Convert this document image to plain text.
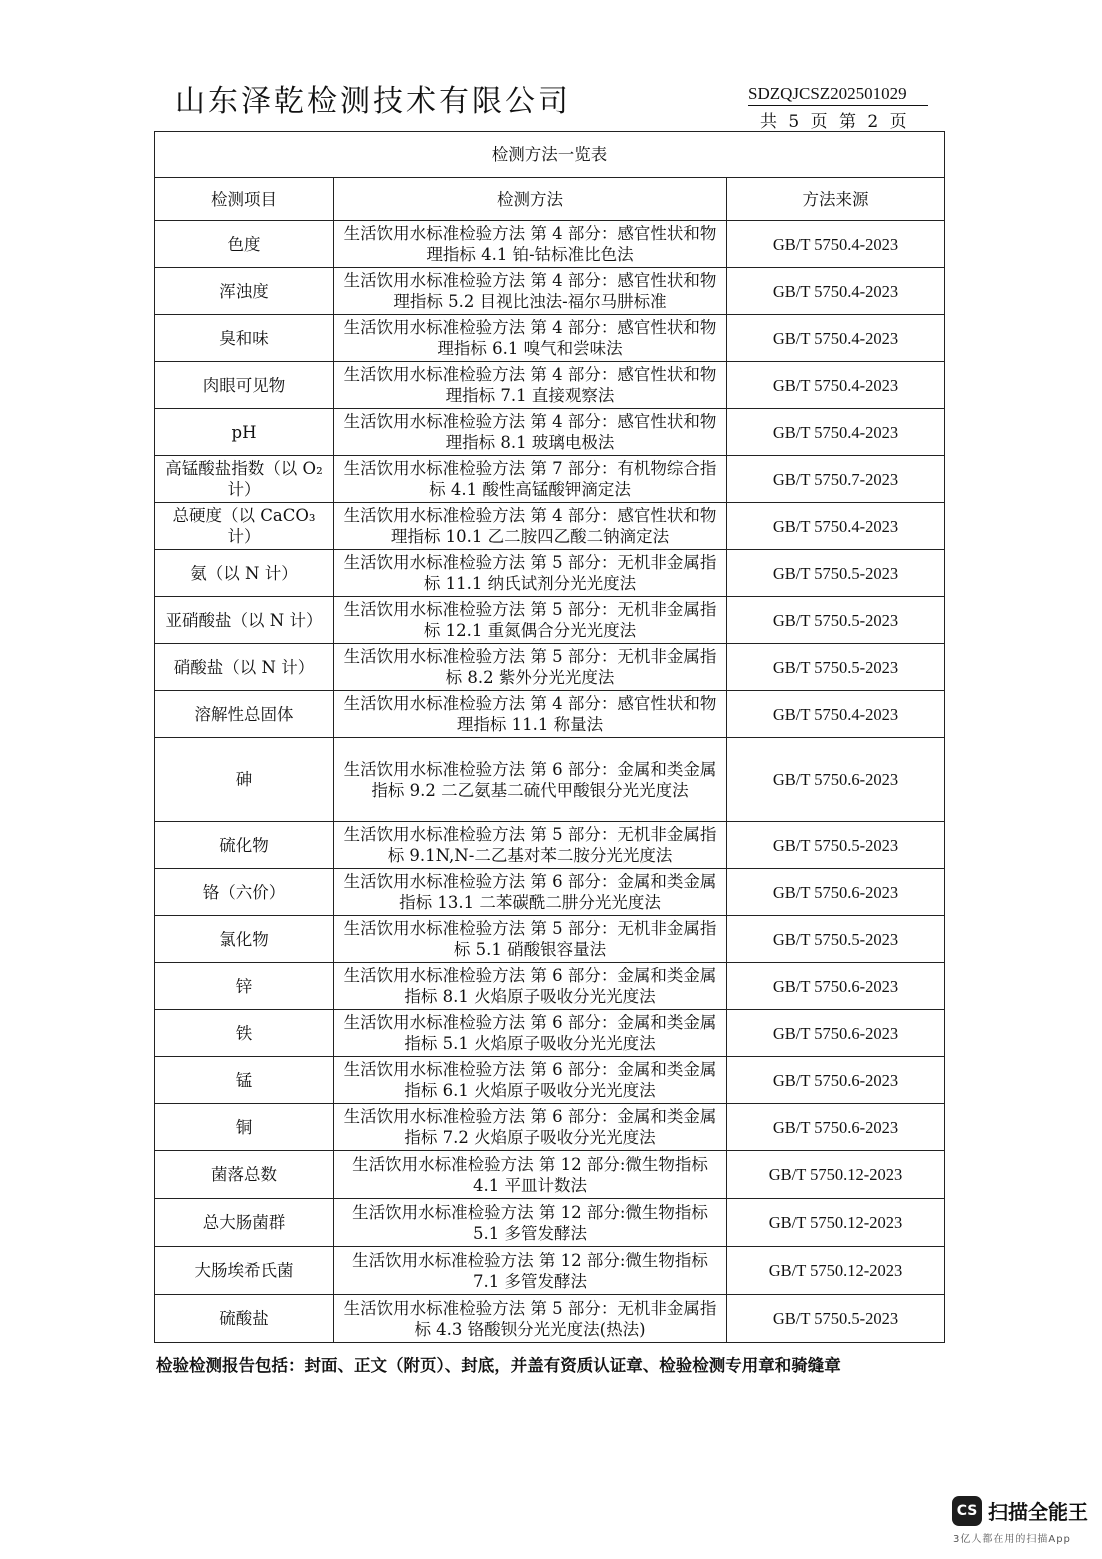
山东泽乾检测技术有限公司	SDZQJCSZ202501029
共 5 页 第 2 页
检测方法一览表		
检测项目	检测方法	方法来源
色度	生活饮用水标准检验方法 第 4 部分：感官性状和物理指标 4.1 铂-钴标准比色法	GB/T 5750.4-2023
浑浊度	生活饮用水标准检验方法 第 4 部分：感官性状和物理指标 5.2 目视比浊法-福尔马肼标准	GB/T 5750.4-2023
臭和味	生活饮用水标准检验方法 第 4 部分：感官性状和物理指标 6.1 嗅气和尝味法	GB/T 5750.4-2023
肉眼可见物	生活饮用水标准检验方法 第 4 部分：感官性状和物理指标 7.1 直接观察法	GB/T 5750.4-2023
pH	生活饮用水标准检验方法 第 4 部分：感官性状和物理指标 8.1 玻璃电极法	GB/T 5750.4-2023
高锰酸盐指数（以 O₂ 计）	生活饮用水标准检验方法 第 7 部分：有机物综合指标 4.1 酸性高锰酸钾滴定法	GB/T 5750.7-2023
总硬度（以 CaCO₃ 计）	生活饮用水标准检验方法 第 4 部分：感官性状和物理指标 10.1 乙二胺四乙酸二钠滴定法	GB/T 5750.4-2023
氨（以 N 计）	生活饮用水标准检验方法 第 5 部分：无机非金属指标 11.1 纳氏试剂分光光度法	GB/T 5750.5-2023
亚硝酸盐（以 N 计）	生活饮用水标准检验方法 第 5 部分：无机非金属指标 12.1 重氮偶合分光光度法	GB/T 5750.5-2023
硝酸盐（以 N 计）	生活饮用水标准检验方法 第 5 部分：无机非金属指标 8.2 紫外分光光度法	GB/T 5750.5-2023
溶解性总固体	生活饮用水标准检验方法 第 4 部分：感官性状和物理指标 11.1 称量法	GB/T 5750.4-2023
砷	生活饮用水标准检验方法 第 6 部分：金属和类金属指标 9.2 二乙氨基二硫代甲酸银分光光度法	GB/T 5750.6-2023
硫化物	生活饮用水标准检验方法 第 5 部分：无机非金属指标 9.1N,N-二乙基对苯二胺分光光度法	GB/T 5750.5-2023
铬（六价）	生活饮用水标准检验方法 第 6 部分：金属和类金属指标 13.1 二苯碳酰二肼分光光度法	GB/T 5750.6-2023
氯化物	生活饮用水标准检验方法 第 5 部分：无机非金属指标 5.1 硝酸银容量法	GB/T 5750.5-2023
锌	生活饮用水标准检验方法 第 6 部分：金属和类金属指标 8.1 火焰原子吸收分光光度法	GB/T 5750.6-2023
铁	生活饮用水标准检验方法 第 6 部分：金属和类金属指标 5.1 火焰原子吸收分光光度法	GB/T 5750.6-2023
锰	生活饮用水标准检验方法 第 6 部分：金属和类金属指标 6.1 火焰原子吸收分光光度法	GB/T 5750.6-2023
铜	生活饮用水标准检验方法 第 6 部分：金属和类金属指标 7.2 火焰原子吸收分光光度法	GB/T 5750.6-2023
菌落总数	生活饮用水标准检验方法 第 12 部分:微生物指标 4.1 平皿计数法	GB/T 5750.12-2023
总大肠菌群	生活饮用水标准检验方法 第 12 部分:微生物指标 5.1 多管发酵法	GB/T 5750.12-2023
大肠埃希氏菌	生活饮用水标准检验方法 第 12 部分:微生物指标 7.1 多管发酵法	GB/T 5750.12-2023
硫酸盐	生活饮用水标准检验方法 第 5 部分：无机非金属指标 4.3 铬酸钡分光光度法(热法)	GB/T 5750.5-2023
检验检测报告包括：封面、正文（附页）、封底，并盖有资质认证章、检验检测专用章和骑缝章
CS 扫描全能王
3亿人都在用的扫描App
